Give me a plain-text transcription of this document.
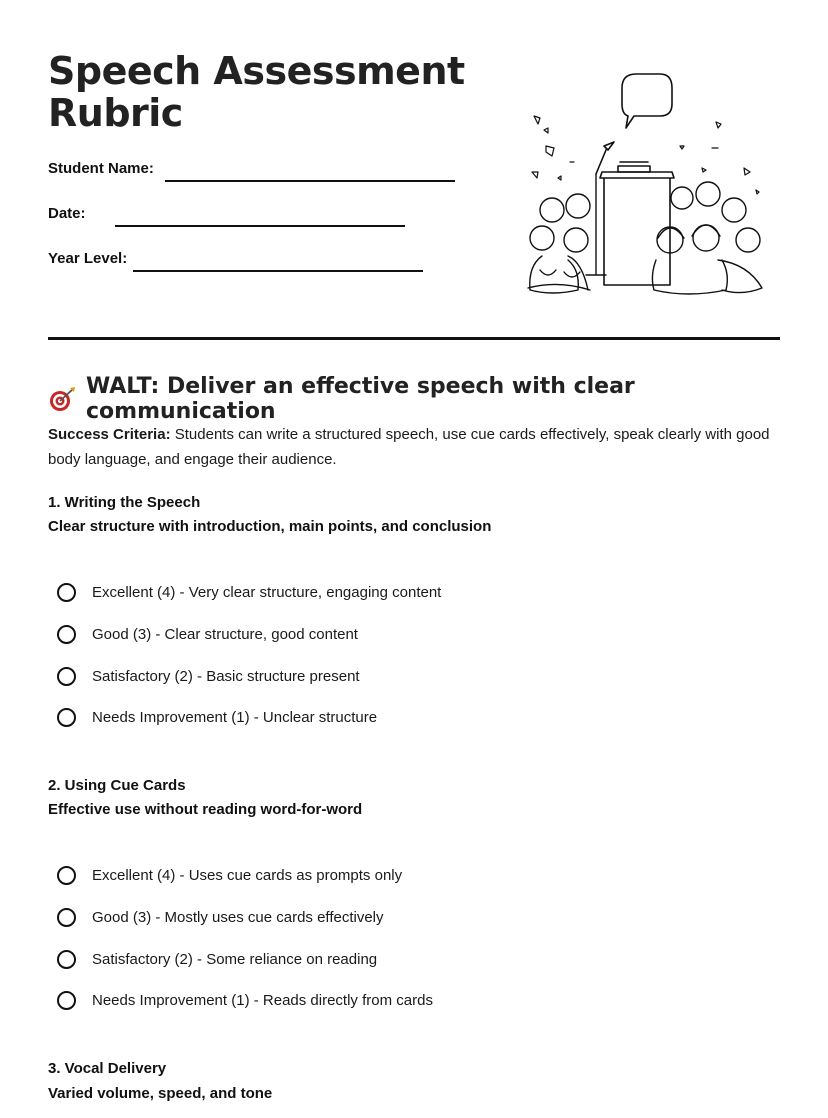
Speech Assessment Rubric
Student Name:
Date:
Year Level:
WALT: Deliver an effective speech with clear communication
Success Criteria: Students can write a structured speech, use cue cards effectively, speak clearly with good body language, and engage their audience.
1. Writing the Speech
Clear structure with introduction, main points, and conclusion
Excellent (4) - Very clear structure, engaging content
Good (3) - Clear structure, good content
Satisfactory (2) - Basic structure present
Needs Improvement (1) - Unclear structure
2. Using Cue Cards
Effective use without reading word-for-word
Excellent (4) - Uses cue cards as prompts only
Good (3) - Mostly uses cue cards effectively
Satisfactory (2) - Some reliance on reading
Needs Improvement (1) - Reads directly from cards
3. Vocal Delivery
Varied volume, speed, and tone
